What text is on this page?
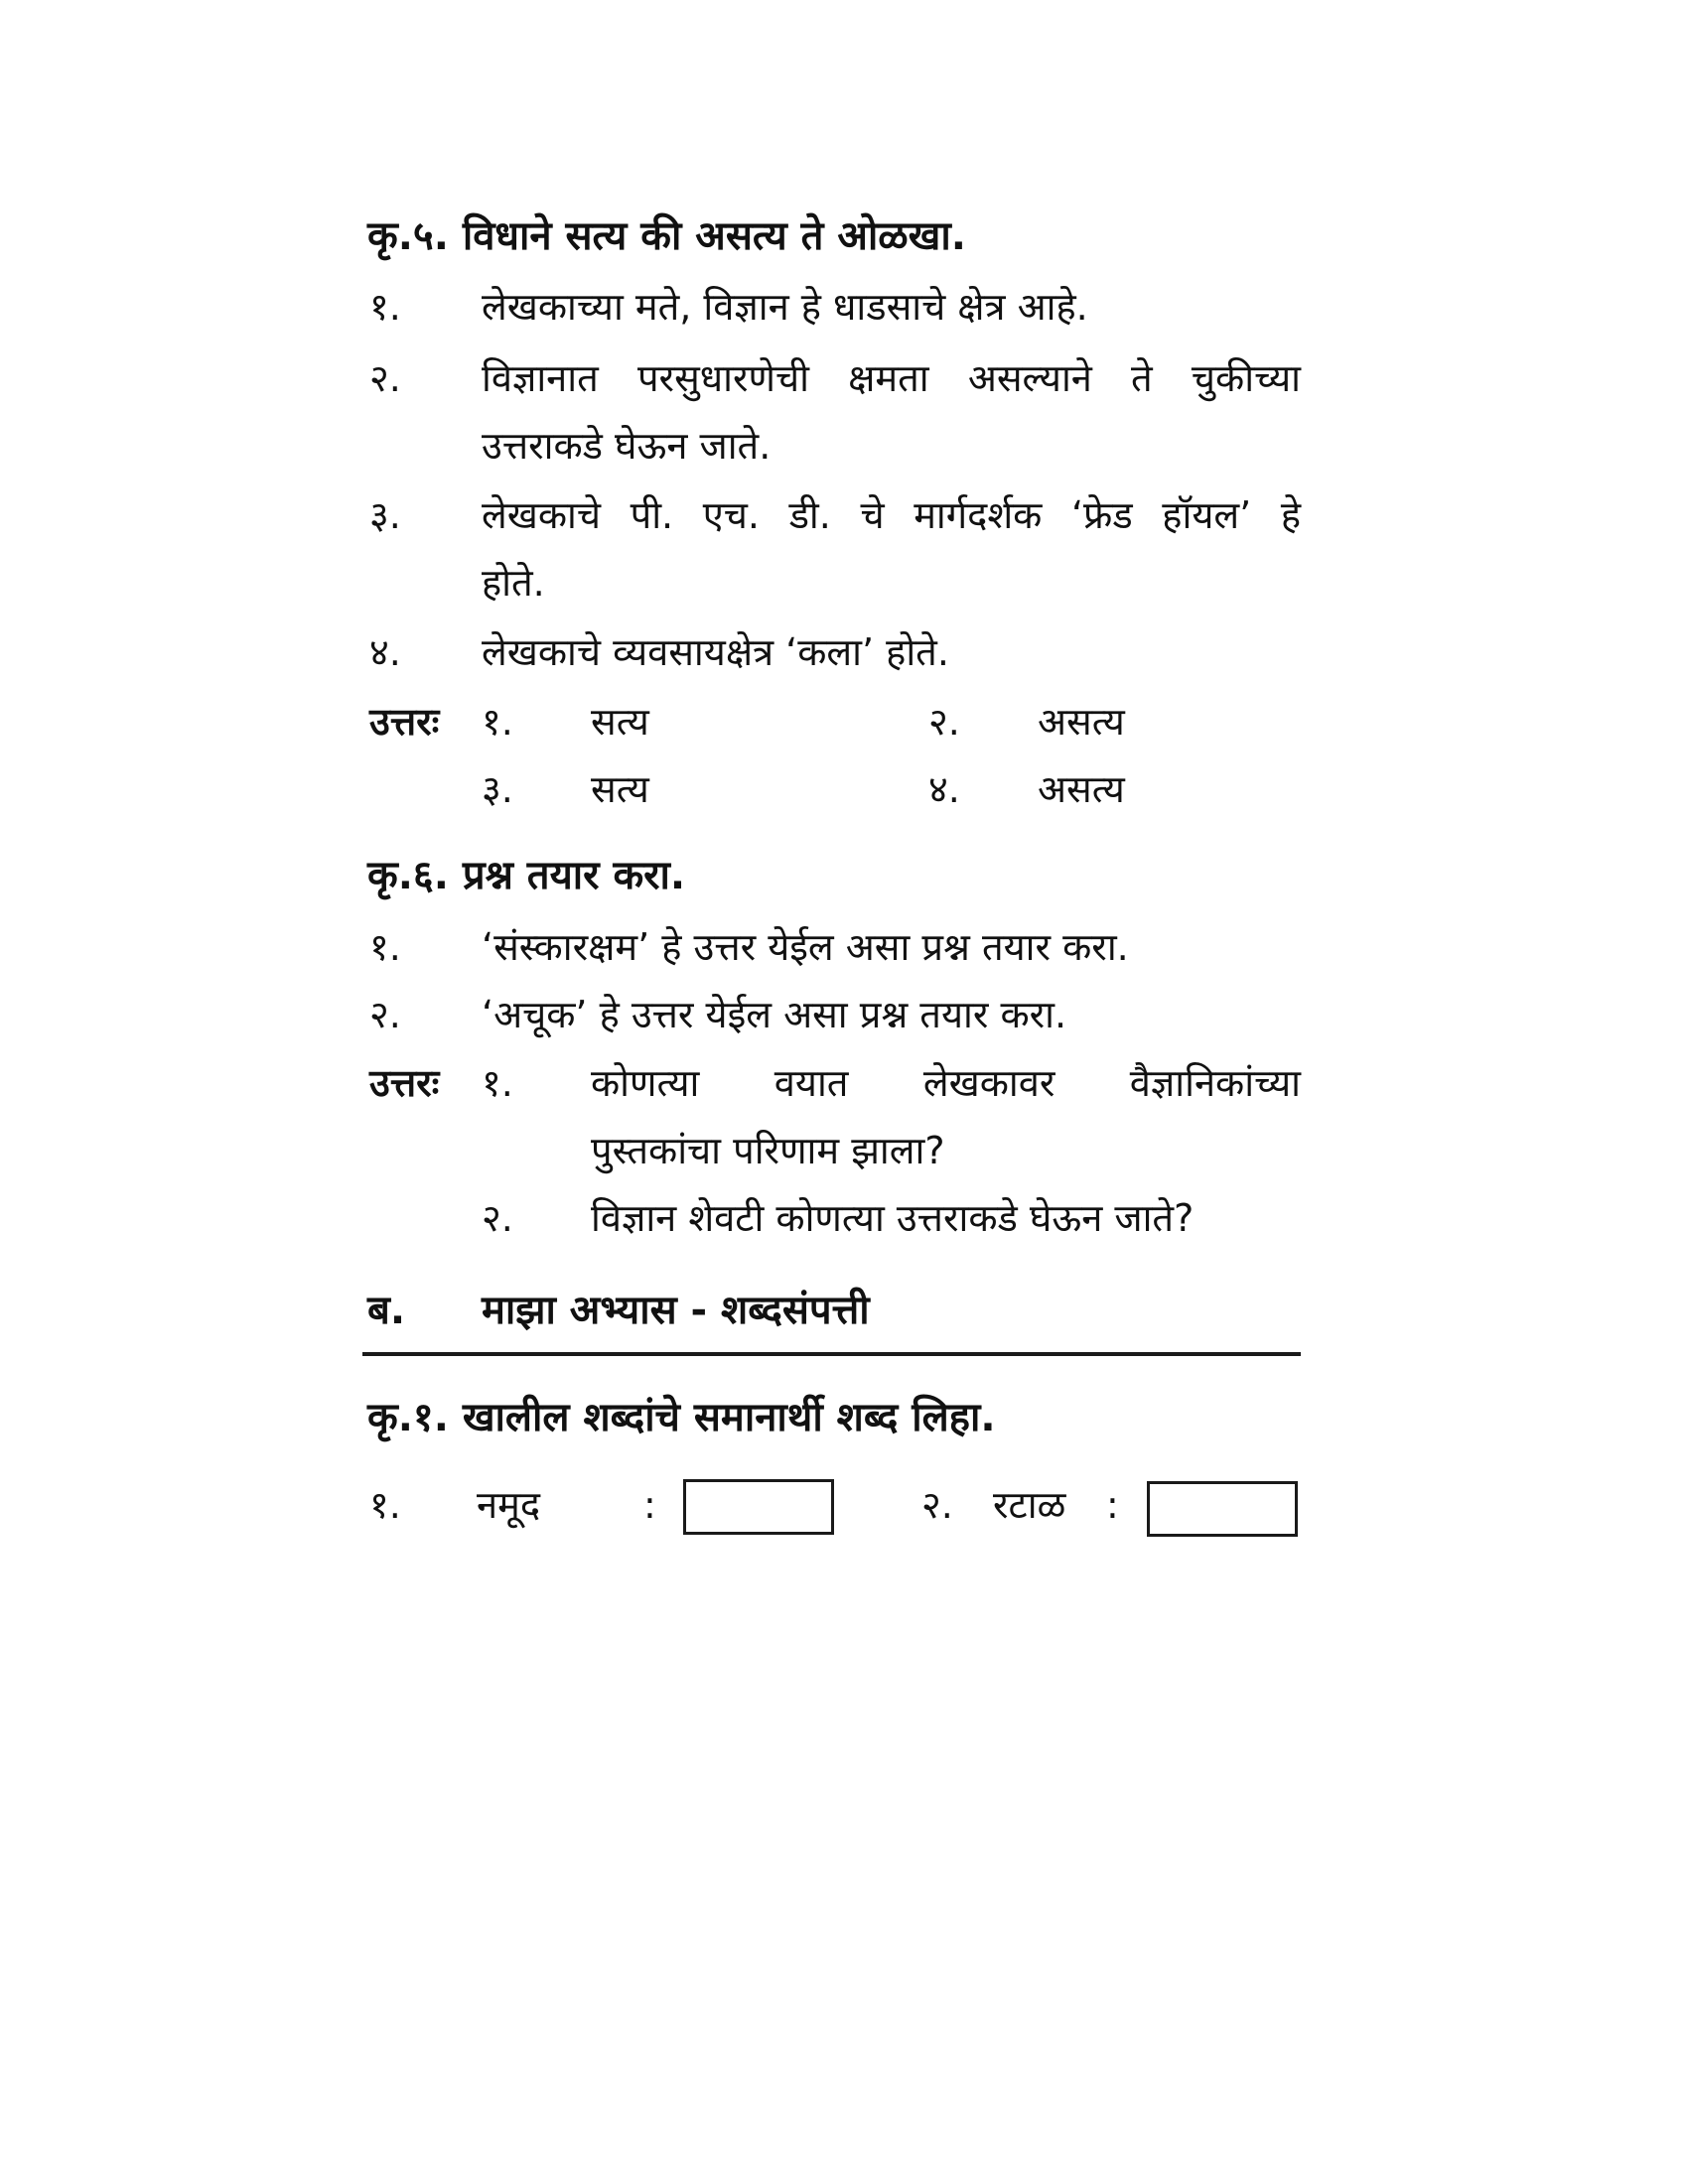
कृ.५. विधाने सत्य की असत्य ते ओळखा.
१. लेखकाच्या मते, विज्ञान हे धाडसाचे क्षेत्र आहे.
२. विज्ञानात परसुधारणेची क्षमता असल्याने ते चुकीच्या
उत्तराकडे घेऊन जाते.
३. लेखकाचे पी. एच. डी. चे मार्गदर्शक ‘फ्रेड हॉयल’ हे
होते.
४. लेखकाचे व्यवसायक्षेत्र ‘कला’ होते.
उत्तरः १. सत्य	२. असत्य
३. सत्य	४. असत्य
कृ.६. प्रश्न तयार करा.
१. ‘संस्कारक्षम’ हे उत्तर येईल असा प्रश्न तयार करा.
२. ‘अचूक’ हे उत्तर येईल असा प्रश्न तयार करा.
उत्तरः १. कोणत्या वयात लेखकावर वैज्ञानिकांच्या
पुस्तकांचा परिणाम झाला?
२. विज्ञान शेवटी कोणत्या उत्तराकडे घेऊन जाते?
ब. माझा अभ्यास - शब्दसंपत्ती
कृ.१. खालील शब्दांचे समानार्थी शब्द लिहा.
१. नमूद	:	२. रटाळ :
